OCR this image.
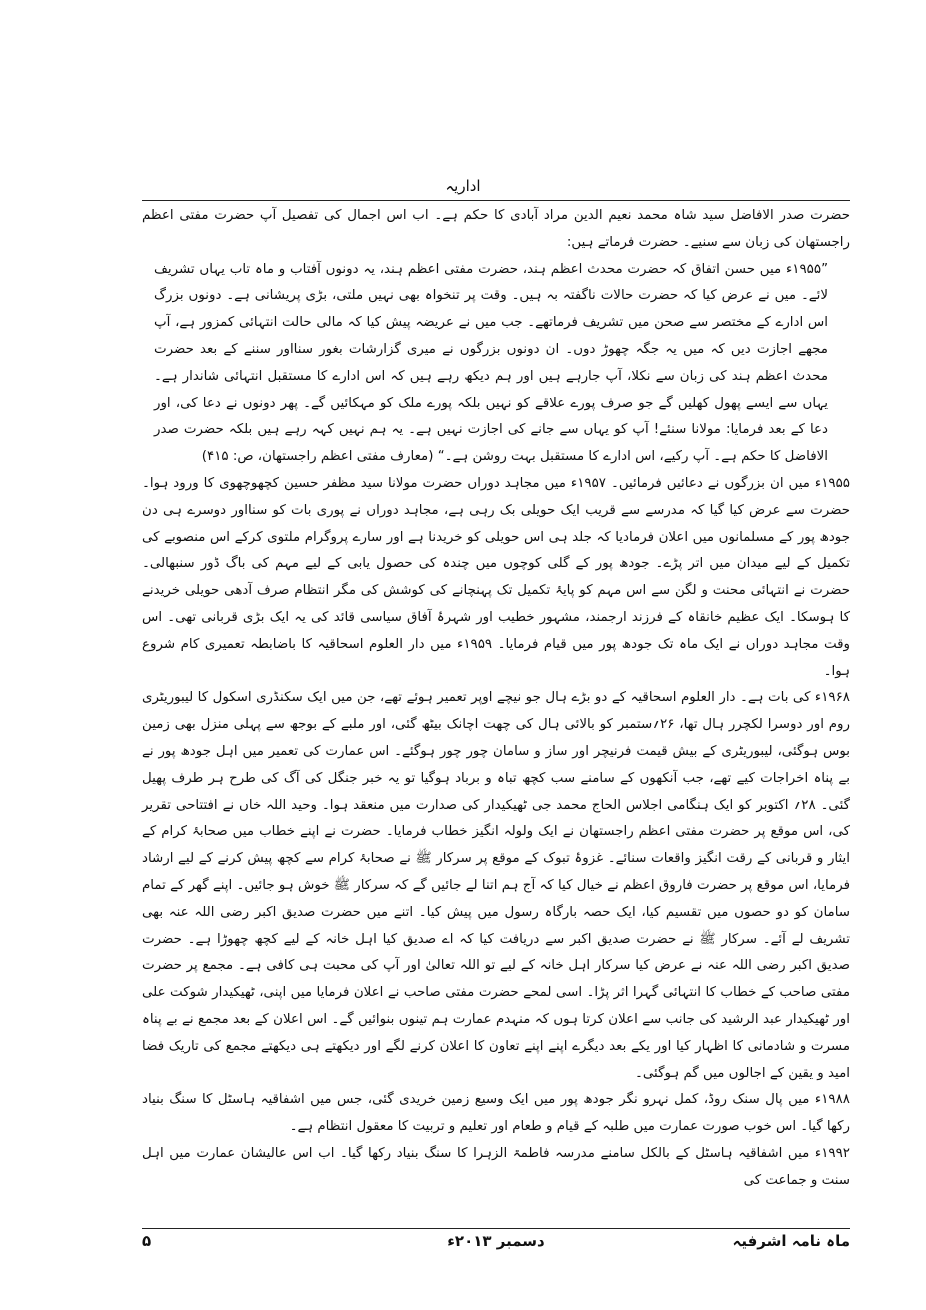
اداریہ

حضرت صدر الافاضل سید شاہ محمد نعیم الدین مراد آبادی کا حکم ہے۔ اب اس اجمال کی تفصیل آپ حضرت مفتی اعظم راجستھان کی زبان سے سنیے۔ حضرت فرماتے ہیں:

”۱۹۵۵ء میں حسن اتفاق کہ حضرت محدث اعظم ہند، حضرت مفتی اعظم ہند، یہ دونوں آفتاب و ماہ تاب یہاں تشریف لائے۔ میں نے عرض کیا کہ حضرت حالات ناگفتہ بہ ہیں۔ وقت پر تنخواہ بھی نہیں ملتی، بڑی پریشانی ہے۔ دونوں بزرگ اس ادارے کے مختصر سے صحن میں تشریف فرماتھے۔ جب میں نے عریضہ پیش کیا کہ مالی حالت انتہائی کمزور ہے، آپ مجھے اجازت دیں کہ میں یہ جگہ چھوڑ دوں۔ ان دونوں بزرگوں نے میری گزارشات بغور سنااور سننے کے بعد حضرت محدث اعظم ہند کی زبان سے نکلا، آپ جارہے ہیں اور ہم دیکھ رہے ہیں کہ اس ادارے کا مستقبل انتہائی شاندار ہے۔ یہاں سے ایسے پھول کھلیں گے جو صرف پورے علاقے کو نہیں بلکہ پورے ملک کو مہکائیں گے۔ پھر دونوں نے دعا کی، اور دعا کے بعد فرمایا: مولانا سنئے! آپ کو یہاں سے جانے کی اجازت نہیں ہے۔ یہ ہم نہیں کہہ رہے ہیں بلکہ حضرت صدر الافاضل کا حکم ہے۔ آپ رکیے، اس ادارے کا مستقبل بہت روشن ہے۔“ (معارف مفتی اعظم راجستھان، ص: ۴۱۵)

۱۹۵۵ء میں ان بزرگوں نے دعائیں فرمائیں۔ ۱۹۵۷ء میں مجاہد دوراں حضرت مولانا سید مظفر حسین کچھوچھوی کا ورود ہوا۔ حضرت سے عرض کیا گیا کہ مدرسے سے قریب ایک حویلی بک رہی ہے، مجاہد دوراں نے پوری بات کو سنااور دوسرے ہی دن جودھ پور کے مسلمانوں میں اعلان فرمادیا کہ جلد ہی اس حویلی کو خریدنا ہے اور سارے پروگرام ملتوی کرکے اس منصوبے کی تکمیل کے لیے میدان میں اتر پڑے۔ جودھ پور کے گلی کوچوں میں چندہ کی حصول یابی کے لیے مہم کی باگ ڈور سنبھالی۔ حضرت نے انتہائی محنت و لگن سے اس مہم کو پایۂ تکمیل تک پہنچانے کی کوشش کی مگر انتظام صرف آدھی حویلی خریدنے کا ہوسکا۔ ایک عظیم خانقاہ کے فرزند ارجمند، مشہور خطیب اور شہرۂ آفاق سیاسی قائد کی یہ ایک بڑی قربانی تھی۔ اس وقت مجاہد دوراں نے ایک ماہ تک جودھ پور میں قیام فرمایا۔ ۱۹۵۹ء میں دار العلوم اسحاقیہ کا باضابطہ تعمیری کام شروع ہوا۔

۱۹۶۸ء کی بات ہے۔ دار العلوم اسحاقیہ کے دو بڑے ہال جو نیچے اوپر تعمیر ہوئے تھے، جن میں ایک سکنڈری اسکول کا لیبوریٹری روم اور دوسرا لکچرر ہال تھا، ۲۶؍ستمبر کو بالائی ہال کی چھت اچانک بیٹھ گئی، اور ملبے کے بوجھ سے پہلی منزل بھی زمین بوس ہوگئی، لیبوریٹری کے بیش قیمت فرنیچر اور ساز و سامان چور چور ہوگئے۔ اس عمارت کی تعمیر میں اہل جودھ پور نے بے پناہ اخراجات کیے تھے، جب آنکھوں کے سامنے سب کچھ تباہ و برباد ہوگیا تو یہ خبر جنگل کی آگ کی طرح ہر طرف پھیل گئی۔ ۲۸؍ اکتوبر کو ایک ہنگامی اجلاس الحاج محمد جی ٹھیکیدار کی صدارت میں منعقد ہوا۔ وحید اللہ خاں نے افتتاحی تقریر کی، اس موقع پر حضرت مفتی اعظم راجستھان نے ایک ولولہ انگیز خطاب فرمایا۔ حضرت نے اپنے خطاب میں صحابۂ کرام کے ایثار و قربانی کے رقت انگیز واقعات سنائے۔ غزوۂ تبوک کے موقع پر سرکار ﷺ نے صحابۂ کرام سے کچھ پیش کرنے کے لیے ارشاد فرمایا، اس موقع پر حضرت فاروق اعظم نے خیال کیا کہ آج ہم اتنا لے جائیں گے کہ سرکار ﷺ خوش ہو جائیں۔ اپنے گھر کے تمام سامان کو دو حصوں میں تقسیم کیا، ایک حصہ بارگاہ رسول میں پیش کیا۔ اتنے میں حضرت صدیق اکبر رضی اللہ عنہ بھی تشریف لے آئے۔ سرکار ﷺ نے حضرت صدیق اکبر سے دریافت کیا کہ اے صدیق کیا اہل خانہ کے لیے کچھ چھوڑا ہے۔ حضرت صدیق اکبر رضی اللہ عنہ نے عرض کیا سرکار اہل خانہ کے لیے تو اللہ تعالیٰ اور آپ کی محبت ہی کافی ہے۔ مجمع پر حضرت مفتی صاحب کے خطاب کا انتہائی گہرا اثر پڑا۔ اسی لمحے حضرت مفتی صاحب نے اعلان فرمایا میں اپنی، ٹھیکیدار شوکت علی اور ٹھیکیدار عبد الرشید کی جانب سے اعلان کرتا ہوں کہ منہدم عمارت ہم تینوں بنوائیں گے۔ اس اعلان کے بعد مجمع نے بے پناہ مسرت و شادمانی کا اظہار کیا اور یکے بعد دیگرے اپنے اپنے تعاون کا اعلان کرنے لگے اور دیکھتے ہی دیکھتے مجمع کی تاریک فضا امید و یقین کے اجالوں میں گم ہوگئی۔

۱۹۸۸ء میں پال سنک روڈ، کمل نہرو نگر جودھ پور میں ایک وسیع زمین خریدی گئی، جس میں اشفاقیہ ہاسٹل کا سنگ بنیاد رکھا گیا۔ اس خوب صورت عمارت میں طلبہ کے قیام و طعام اور تعلیم و تربیت کا معقول انتظام ہے۔

۱۹۹۲ء میں اشفاقیہ ہاسٹل کے بالکل سامنے مدرسہ فاطمۃ الزہرا کا سنگ بنیاد رکھا گیا۔ اب اس عالیشان عمارت میں اہل سنت و جماعت کی

ماہ نامہ اشرفیہ
دسمبر ۲۰۱۳ء
۵
